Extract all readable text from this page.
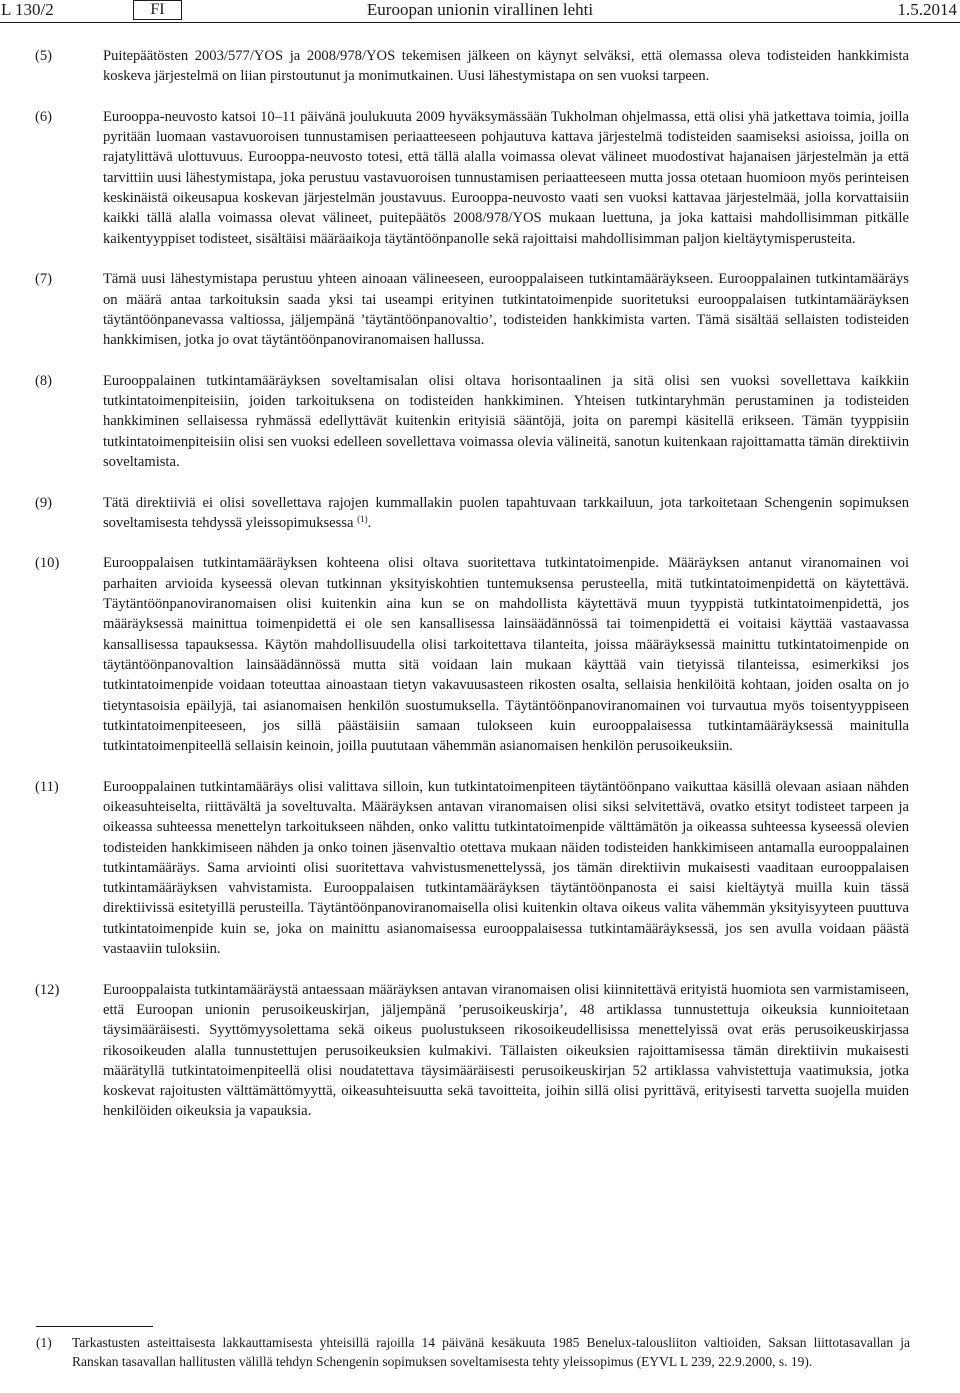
L 130/2	FI	Euroopan unionin virallinen lehti	1.5.2014
(5)	Puitepäätösten 2003/577/YOS ja 2008/978/YOS tekemisen jälkeen on käynyt selväksi, että olemassa oleva todisteiden hankkimista koskeva järjestelmä on liian pirstoutunut ja monimutkainen. Uusi lähestymistapa on sen vuoksi tarpeen.
(6)	Eurooppa-neuvosto katsoi 10–11 päivänä joulukuuta 2009 hyväksymässään Tukholman ohjelmassa, että olisi yhä jatkettava toimia, joilla pyritään luomaan vastavuoroisen tunnustamisen periaatteeseen pohjautuva kattava järjestelmä todisteiden saamiseksi asioissa, joilla on rajatylittävä ulottuvuus. Eurooppa-neuvosto totesi, että tällä alalla voimassa olevat välineet muodostivat hajanaisen järjestelmän ja että tarvittiin uusi lähestymistapa, joka perustuu vastavuoroisen tunnustamisen periaatteeseen mutta jossa otetaan huomioon myös perinteisen keskinäistä oikeusapua koskevan järjestelmän joustavuus. Eurooppa-neuvosto vaati sen vuoksi kattavaa järjestelmää, jolla korvattaisiin kaikki tällä alalla voimassa olevat välineet, puitepäätös 2008/978/YOS mukaan luettuna, ja joka kattaisi mahdollisimman pitkälle kaikentyyppiset todisteet, sisältäisi määräaikoja täytäntöönpanolle sekä rajoittaisi mahdollisimman paljon kieltäytymisperusteita.
(7)	Tämä uusi lähestymistapa perustuu yhteen ainoaan välineeseen, eurooppalaiseen tutkintamääräykseen. Eurooppalainen tutkintamääräys on määrä antaa tarkoituksin saada yksi tai useampi erityinen tutkintatoimenpide suoritetuksi eurooppalaisen tutkintamääräyksen täytäntöönpanevassa valtiossa, jäljempänä ’täytäntöönpanovaltio’, todisteiden hankkimista varten. Tämä sisältää sellaisten todisteiden hankkimisen, jotka jo ovat täytäntöönpanoviranomaisen hallussa.
(8)	Eurooppalainen tutkintamääräyksen soveltamisalan olisi oltava horisontaalinen ja sitä olisi sen vuoksi sovellettava kaikkiin tutkintatoimenpiteisiin, joiden tarkoituksena on todisteiden hankkiminen. Yhteisen tutkintaryhmän perustaminen ja todisteiden hankkiminen sellaisessa ryhmässä edellyttävät kuitenkin erityisiä sääntöjä, joita on parempi käsitellä erikseen. Tämän tyyppisiin tutkintatoimenpiteisiin olisi sen vuoksi edelleen sovellettava voimassa olevia välineitä, sanotun kuitenkaan rajoittamatta tämän direktiivin soveltamista.
(9)	Tätä direktiiviä ei olisi sovellettava rajojen kummallakin puolen tapahtuvaan tarkkailuun, jota tarkoitetaan Schengenin sopimuksen soveltamisesta tehdyssä yleissopimuksessa $^{(1)}$.
(10)	Eurooppalaisen tutkintamääräyksen kohteena olisi oltava suoritettava tutkintatoimenpide. Määräyksen antanut viranomainen voi parhaiten arvioida kyseessä olevan tutkinnan yksityiskohtien tuntemuksensa perusteella, mitä tutkintatoimenpidettä on käytettävä. Täytäntöönpanoviranomaisen olisi kuitenkin aina kun se on mahdollista käytettävä muun tyyppistä tutkintatoimenpidettä, jos määräyksessä mainittua toimenpidettä ei ole sen kansallisessa lainsäädännössä tai toimenpidettä ei voitaisi käyttää vastaavassa kansallisessa tapauksessa. Käytön mahdollisuudella olisi tarkoitettava tilanteita, joissa määräyksessä mainittu tutkintatoimenpide on täytäntöönpanovaltion lainsäädännössä mutta sitä voidaan lain mukaan käyttää vain tietyissä tilanteissa, esimerkiksi jos tutkintatoimenpide voidaan toteuttaa ainoastaan tietyn vakavuusasteen rikosten osalta, sellaisia henkilöitä kohtaan, joiden osalta on jo tietyntasoisia epäilyjä, tai asianomaisen henkilön suostumuksella. Täytäntöönpanoviranomainen voi turvautua myös toisentyyppiseen tutkintatoimenpiteeseen, jos sillä päästäisiin samaan tulokseen kuin eurooppalaisessa tutkintamääräyksessä mainitulla tutkintatoimenpiteellä sellaisin keinoin, joilla puututaan vähemmän asianomaisen henkilön perusoikeuksiin.
(11)	Eurooppalainen tutkintamääräys olisi valittava silloin, kun tutkintatoimenpiteen täytäntöönpano vaikuttaa käsillä olevaan asiaan nähden oikeasuhteiselta, riittävältä ja soveltuvalta. Määräyksen antavan viranomaisen olisi siksi selvitettävä, ovatko etsityt todisteet tarpeen ja oikeassa suhteessa menettelyn tarkoitukseen nähden, onko valittu tutkintatoimenpide välttämätön ja oikeassa suhteessa kyseessä olevien todisteiden hankkimiseen nähden ja onko toinen jäsenvaltio otettava mukaan näiden todisteiden hankkimiseen antamalla eurooppalainen tutkintamääräys. Sama arviointi olisi suoritettava vahvistusmenettelyssä, jos tämän direktiivin mukaisesti vaaditaan eurooppalaisen tutkintamääräyksen vahvistamista. Eurooppalaisen tutkintamääräyksen täytäntöönpanosta ei saisi kieltäytyä muilla kuin tässä direktiivissä esitetyillä perusteilla. Täytäntöönpanoviranomaisella olisi kuitenkin oltava oikeus valita vähemmän yksityisyyteen puuttuva tutkintatoimenpide kuin se, joka on mainittu asianomaisessa eurooppalaisessa tutkintamääräyksessä, jos sen avulla voidaan päästä vastaaviin tuloksiin.
(12)	Eurooppalaista tutkintamääräystä antaessaan määräyksen antavan viranomaisen olisi kiinnitettävä erityistä huomiota sen varmistamiseen, että Euroopan unionin perusoikeuskirjan, jäljempänä ’perusoikeuskirja’, 48 artiklassa tunnustettuja oikeuksia kunnioitetaan täysimääräisesti. Syyttömyysolettama sekä oikeus puolustukseen rikosoikeudellisissa menettelyissä ovat eräs perusoikeuskirjassa rikosoikeuden alalla tunnustettujen perusoikeuksien kulmakivi. Tällaisten oikeuksien rajoittamisessa tämän direktiivin mukaisesti määrätyllä tutkintatoimenpiteellä olisi noudatettava täysimääräisesti perusoikeuskirjan 52 artiklassa vahvistettuja vaatimuksia, jotka koskevat rajoitusten välttämättömyyttä, oikeasuhteisuutta sekä tavoitteita, joihin sillä olisi pyrittävä, erityisesti tarvetta suojella muiden henkilöiden oikeuksia ja vapauksia.
(1) Tarkastusten asteittaisesta lakkauttamisesta yhteisillä rajoilla 14 päivänä kesäkuuta 1985 Benelux-talousliiton valtioiden, Saksan liittotasavallan ja Ranskan tasavallan hallitusten välillä tehdyn Schengenin sopimuksen soveltamisesta tehty yleissopimus (EYVL L 239, 22.9.2000, s. 19).
